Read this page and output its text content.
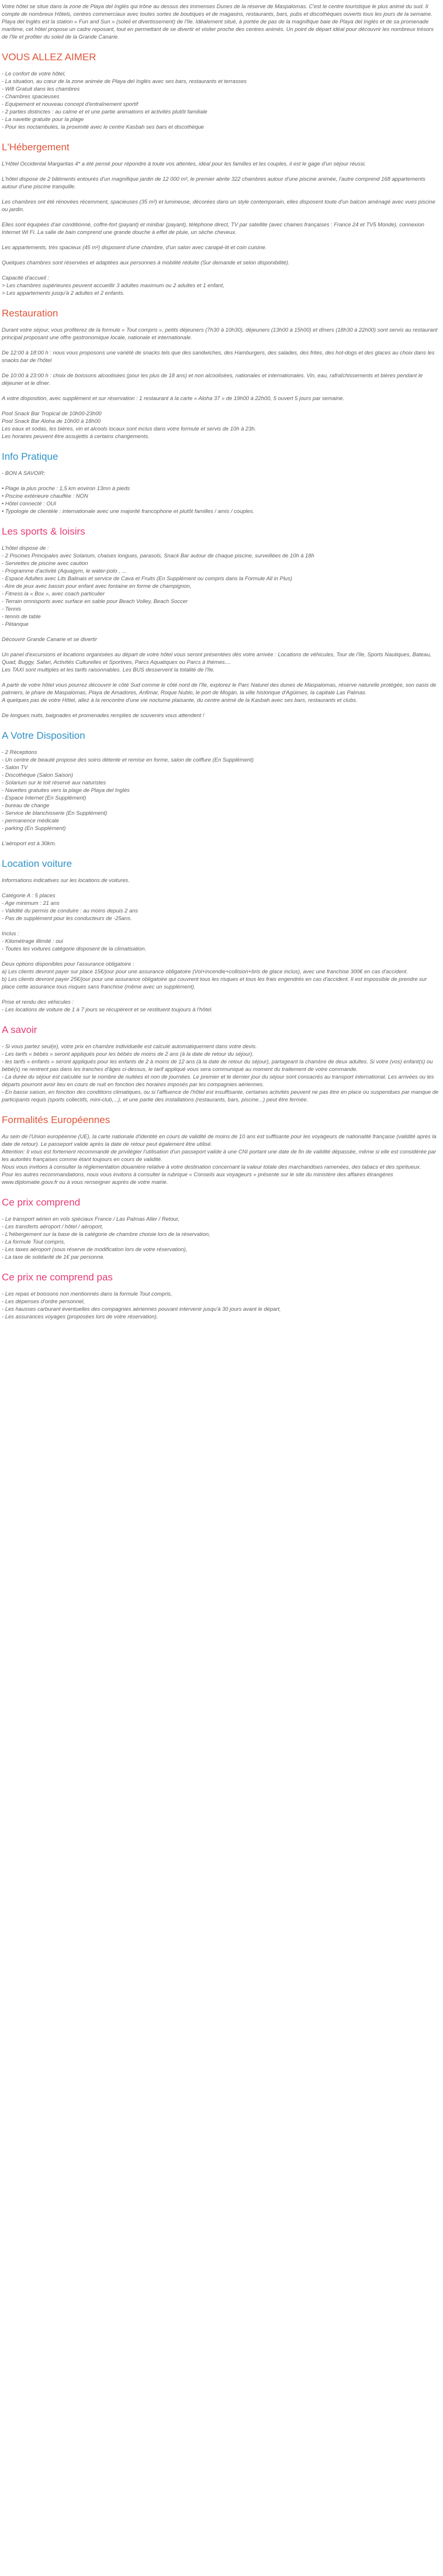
Votre hôtel se situe dans la zone de Playa del Inglés qui trône au dessus des immenses Dunes de la réserve de Maspalomas. C'est le centre touristique le plus animé du sud. Il compte de nombreux Hôtels, centres commerciaux avec toutes sortes de boutiques et de magasins, restaurants, bars, pubs et discothèques ouverts tous les jours de la semaine. Playa del Inglés est la station « Fun and Sun » (soleil et divertissement) de l'île. Idéalement situé, à portée de pas de la magnifique baie de Playa del Inglés et de sa promenade maritime, cet hôtel propose un cadre reposant, tout en permettant de se divertir et visiter proche des centres animés. Un point de départ idéal pour découvrir les nombreux trésors de l'île et profiter du soleil de la Grande Canarie.

VOUS ALLEZ AIMER
- Le confort de votre hôtel,
- La situation, au cœur de la zone animée de Playa del Inglés avec ses bars, restaurants et terrasses
- Wifi Gratuit dans les chambres
- Chambres spacieuses
- Equipement et nouveau concept d'entraînement sportif
- 2 parties distinctes : au calme et et une partie animations et activités plutôt familiale
- La navette gratuite pour la plage
- Pour les noctambules, la proximité avec le centre Kasbah ses bars et discothèque
L'Hébergement

L'Hôtel Occidental Margaritas 4* a été pensé pour répondre à toute vos attentes, idéal pour les familles et les couples, il est le gage d'un séjour réussi.

L'hôtel dispose de 2 bâtiments entourés d'un magnifique jardin de 12 000 m², le premier abrite 322 chambres autour d'une piscine animée, l'autre comprend 168 appartements autour d'une piscine tranquille.

Les chambres ont été rénovées récemment, spacieuses (35 m²) et lumineuse, décorées dans un style contemporain, elles disposent toute d'un balcon aménagé avec vues piscine ou jardin.

Elles sont équipées d'air conditionné, coffre-fort (payant) et minibar (payant), téléphone direct, TV par satellite (avec chaines françaises : France 24 et TV5 Monde), connexion Internet Wi Fi. La salle de bain comprend une grande douche à effet de pluie, un sèche cheveux.

Les appartements, très spacieux (45 m²) disposent d'une chambre, d'un salon avec canapé-lit et coin cuisine.

Quelques chambres sont réservées et adaptées aux personnes à mobilité réduite (Sur demande et selon disponibilité).

Capacité d'accueil :
> Les chambres supérieures peuvent accueillir 3 adultes maximum ou 2 adultes et 1 enfant,
> Les appartements jusqu'à 2 adultes et 2 enfants.

Restauration

Durant votre séjour, vous profiterez de la formule « Tout compris », petits déjeuners (7h30 à 10h30), déjeuners (13h00 à 15h00) et dîners (18h30 à 22h00) sont servis au restaurant principal proposant une offre gastronomique locale, nationale et internationale.

De 12:00 à 18:00 h : nous vous proposons une variété de snacks tels que des sandwiches, des Hamburgers, des salades, des frites, des hot-dogs et des glaces au choix dans les snacks bar de l'hôtel

De 10:00 à 23:00 h : choix de boissons alcoolisées (pour les plus de 18 ans) et non alcoolisées, nationales et internationales. Vin, eau, rafraîchissements et bières pendant le déjeuner et le dîner.

A votre disposition, avec supplément et sur réservation : 1 restaurant à la carte « Aloha 37 » de 19h00 à 22h00, 5 ouvert 5 jours par semaine.

Pool Snack Bar Tropical de 10h00-23h00
Pool Snack Bar Aloha de 10h00 à 18h00
Les eaux et sodas, les bières, vin et alcools locaux sont inclus dans votre formule et servis de 10h à 23h.
Les horaires peuvent être assujettis à certains changements.

Info Pratique

- BON A SAVOIR:

• Plage la plus proche : 1,5 km environ 13mn à pieds
• Piscine extérieure chauffée : NON
• Hôtel connecté : OUI
• Typologie de clientèle : internationale avec une majorité francophone et plutôt familles / amis / couples.
Les sports & loisirs
L'hôtel dispose de :
- 2 Piscines Principales avec Solarium, chaises longues, parasols, Snack Bar autour de chaque piscine, surveillées de 10h à 18h
- Serviettes de piscine avec caution
- Programme d'activité (Aquagym, le water-polo , ...
- Espace Adultes avec Lits Balinais et service de Cava et Fruits (En Supplément ou compris dans la Formule All in Plus)
- Aire de jeux avec bassin pour enfant avec fontaine en forme de champignon,
- Fitness la « Box », avec coach particulier
- Terrain omnisports avec surface en sable pour Beach Volley, Beach Soccer
- Tennis
- tennis de table
- Pétanque

Découvrir Grande Canarie et se divertir

Un panel d'excursions et locations organisées au départ de votre hôtel vous seront présentées dès votre arrivée : Locations de véhicules, Tour de l'île, Sports Nautiques, Bateau, Quad, Buggy, Safari, Activités Culturelles et Sportives, Parcs Aquatiques ou Parcs à thèmes....
Les TAXI sont multiples et les tarifs raisonnables. Les BUS desservent la totalité de l'île.

A partir de votre hôtel vous pourrez découvrir le côté Sud comme le côté nord de l'île, explorez le Parc Naturel des dunes de Maspalomas, réserve naturelle protégée, son oasis de palmiers, le phare de Maspalomas, Playa de Amadores, Anfimar, Roque Nublo, le port de Mogán, la ville historique d'Agüimes, la capitale Las Palmas.
A quelques pas de votre Hôtel, allez à la rencontre d'une vie nocturne plaisante, du centre animé de la Kasbah avec ses bars, restaurants et clubs.

De longues nuits, baignades et promenades remplies de souvenirs vous attendent !

A Votre Disposition
- 2 Réceptions
- Un centre de beauté propose des soins détente et remise en forme, salon de coiffure (En Supplément)
- Salon TV
- Discothèque (Salon Saison)
- Solarium sur le toit réservé aux naturistes
- Navettes gratuites vers la plage de Playa del Inglés
- Espace Internet (En Supplément)
- bureau de change
- Service de blanchisserie (En Supplément)
- permanence médicale
- parking (En Supplément)

L'aéroport est à 30km.

Location voiture

Informations indicatives sur les locations de voitures.

Catégorie A : 5 places
- Age minimum : 21 ans
- Validité du permis de conduire : au moins depuis 2 ans
- Pas de supplément pour les conducteurs de -25ans.

Inclus :
- Kilométrage illimité : oui
- Toutes les voitures catégorie disposent de la climatisation.

Deux options disponibles pour l'assurance obligatoire :
a) Les clients devront payer sur place 15€/jour pour une assurance obligatoire (Vol+incendie+collision+bris de glace inclus), avec une franchise 300€ en cas d'accident.
b) Les clients devront payer 25€/jour pour une assurance obligatoire qui couvrent tous les risques et tous les frais engendrés en cas d'accident. Il est impossible de prendre sur place cette assurance tous risques sans franchise (même avec un supplément).

Prise et rendu des véhicules :
- Les locations de voiture de 1 à 7 jours se récupèrent et se restituent toujours à l'hôtel.

A savoir

- Si vous partez seul(e), votre prix en chambre individuelle est calculé automatiquement dans votre devis.
- Les tarifs « bébés » seront appliqués pour les bébés de moins de 2 ans (à la date de retour du séjour).
- les tarifs « enfants » seront appliqués pour les enfants de 2 à moins de 12 ans (à la date de retour du séjour), partageant la chambre de deux adultes. Si votre (vos) enfant(s) ou bébé(s) ne rentrent pas dans les tranches d'âges ci-dessus, le tarif appliqué vous sera communiqué au moment du traitement de votre commande.
- La durée du séjour est calculée sur le nombre de nuitées et non de journées. Le premier et le dernier jour du séjour sont consacrés au transport international. Les arrivées ou les départs pourront avoir lieu en cours de nuit en fonction des horaires imposés par les compagnies aériennes.
- En basse saison, en fonction des conditions climatiques, ou si l'affluence de l'hôtel est insuffisante, certaines activités peuvent ne pas être en place ou suspendues par manque de participants requis (sports collectifs, mini-club,...), et une partie des installations (restaurants, bars, piscine...) peut être fermée.

Formalités Européennes

Au sein de l'Union européenne (UE), la carte nationale d'identité en cours de validité de moins de 10 ans est suffisante pour les voyageurs de nationalité française (validité après la date de retour). Le passeport valide après la date de retour peut également être utilisé.
Attention: Il vous est fortement recommandé de privilégier l'utilisation d'un passeport valide à une CNI portant une date de fin de validité dépassée, même si elle est considérée par les autorités françaises comme étant toujours en cours de validité.
Nous vous invitons à consulter la réglementation douanière relative à votre destination concernant la valeur totale des marchandises ramenées, des tabacs et des spiritueux.
Pour les autres recommandations, nous vous invitons à consulter la rubrique « Conseils aux voyageurs » présente sur le site du ministère des affaires étrangères www.diplomatie.gouv.fr ou à vous renseigner auprès de votre mairie.

Ce prix comprend
- Le transport aérien en vols spéciaux France / Las Palmas Aller / Retour,
- Les transferts aéroport / hôtel / aéroport,
- L'hébergement sur la base de la catégorie de chambre choisie lors de la réservation,
- La formule Tout compris,
- Les taxes aéroport (sous réserve de modification lors de votre réservation),
- La taxe de solidarité de 1€ par personne.
Ce prix ne comprend pas
- Les repas et boissons non mentionnés dans la formule Tout compris,
- Les dépenses d'ordre personnel,
- Les hausses carburant éventuelles des compagnies aériennes pouvant intervenir jusqu'à 30 jours avant le départ,
- Les assurances voyages (proposées lors de votre réservation).
